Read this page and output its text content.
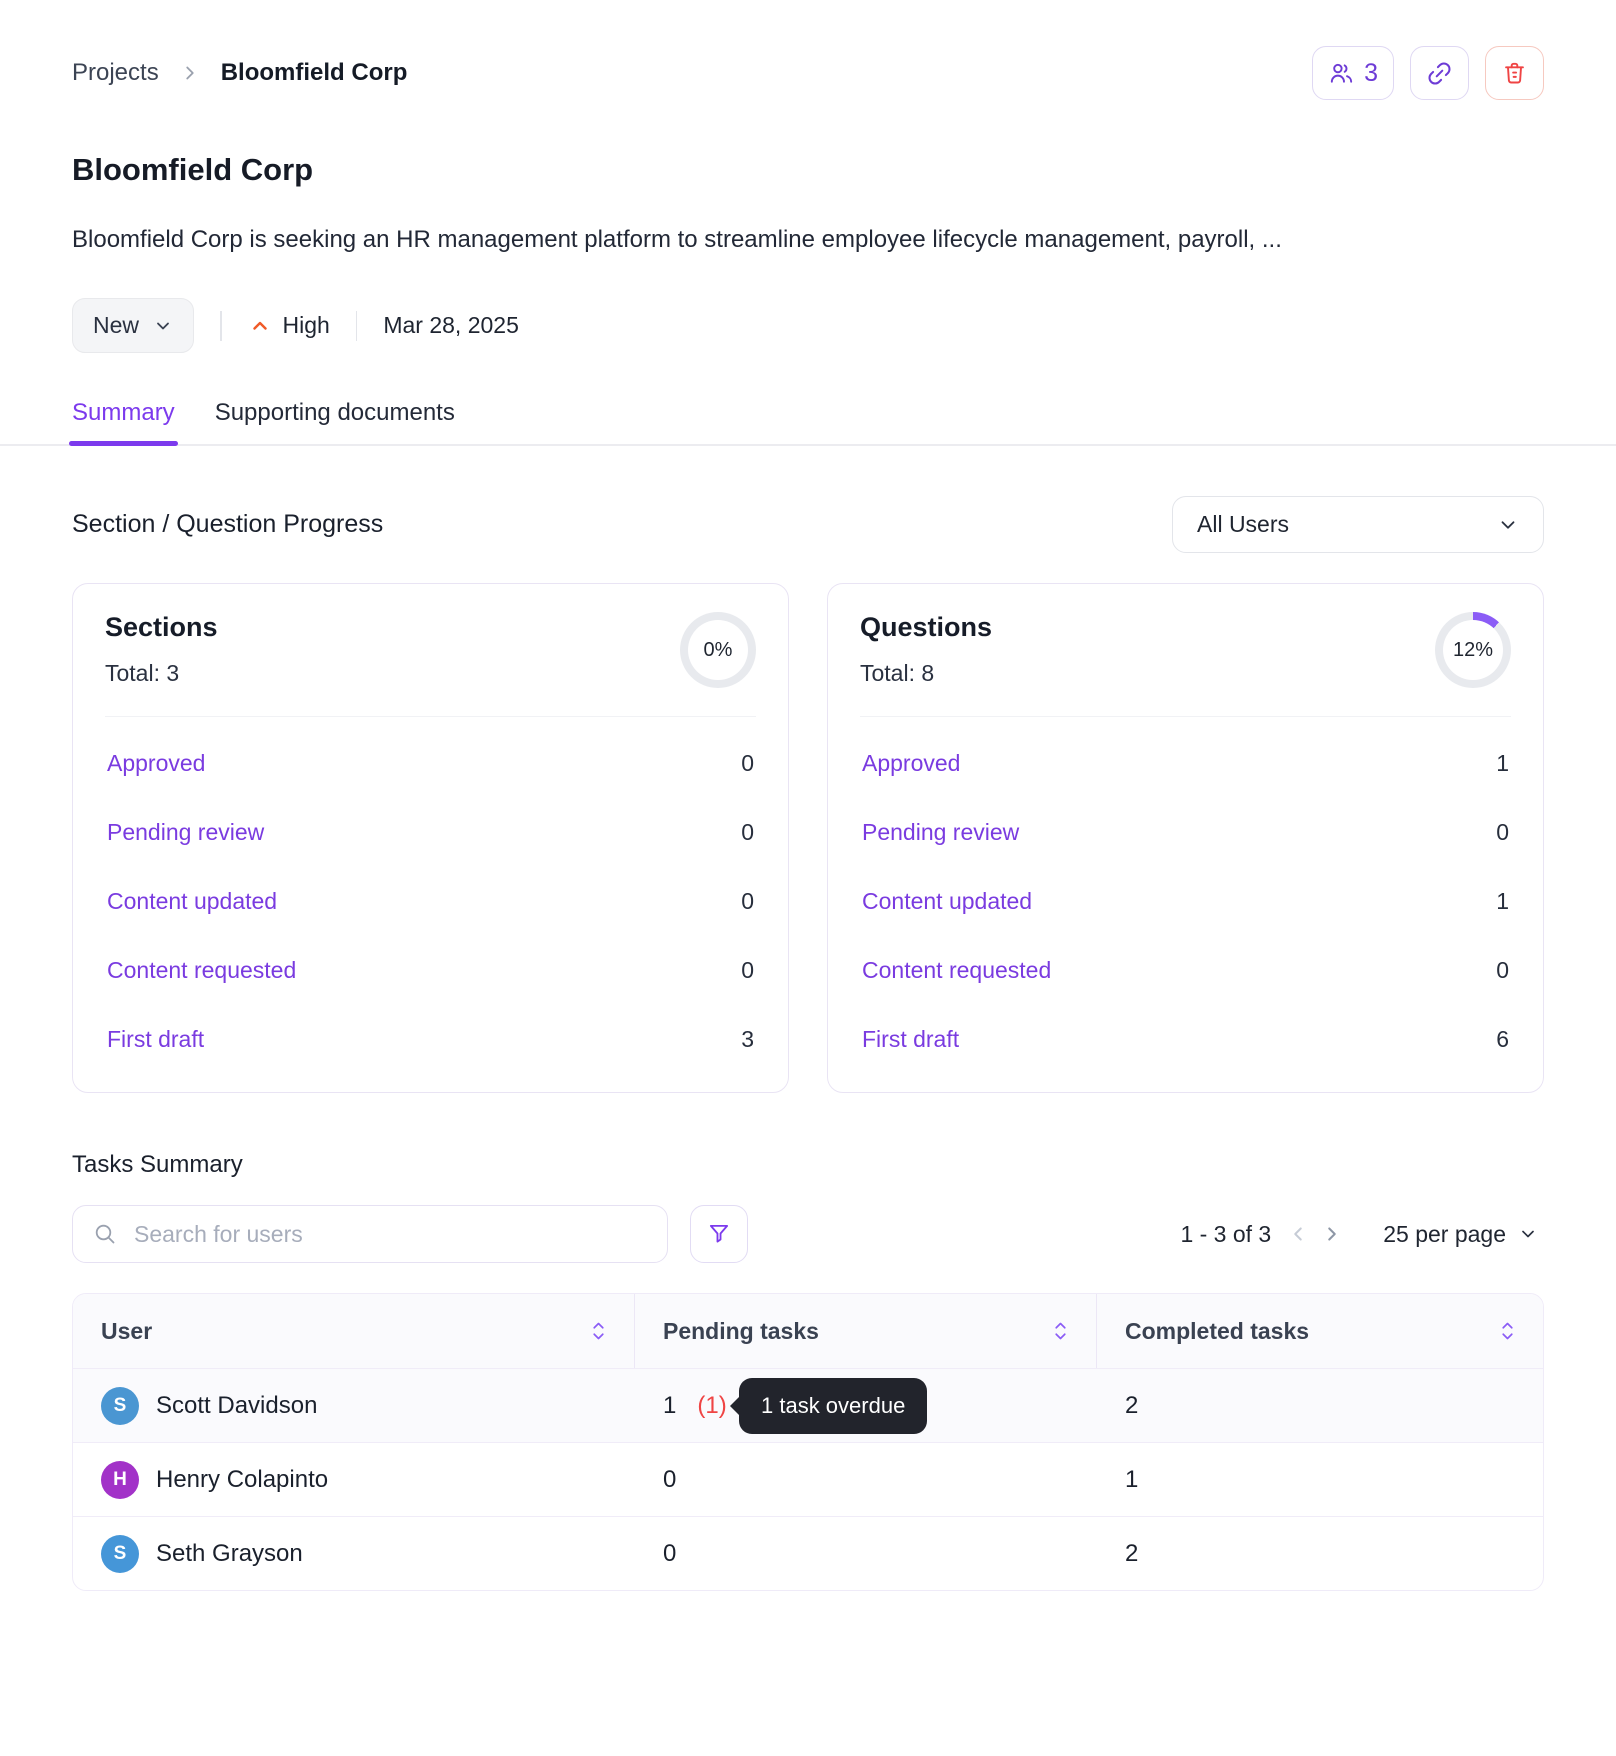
Projects	Bloomfield Corp	3
Bloomfield Corp

Bloomfield Corp is seeking an HR management platform to streamline employee lifecycle management, payroll, ...

New	High Mar 28, 2025
Summary Supporting documents
Section / Question Progress	All Users
Sections
Total: 3
0%
Approved	0
Pending review	0
Content updated	0
Content requested	0
First draft	3
Questions
Total: 8
12%
Approved	1
Pending review	0
Content updated	1
Content requested	0
First draft	6
Tasks Summary
Search for users
1 - 3 of 3	25 per page
User	Pending tasks	Completed tasks
S	Scott Davidson	1 (1)	1 task overdue	2
H	Henry Colapinto	0	1
S	Seth Grayson	0	2
